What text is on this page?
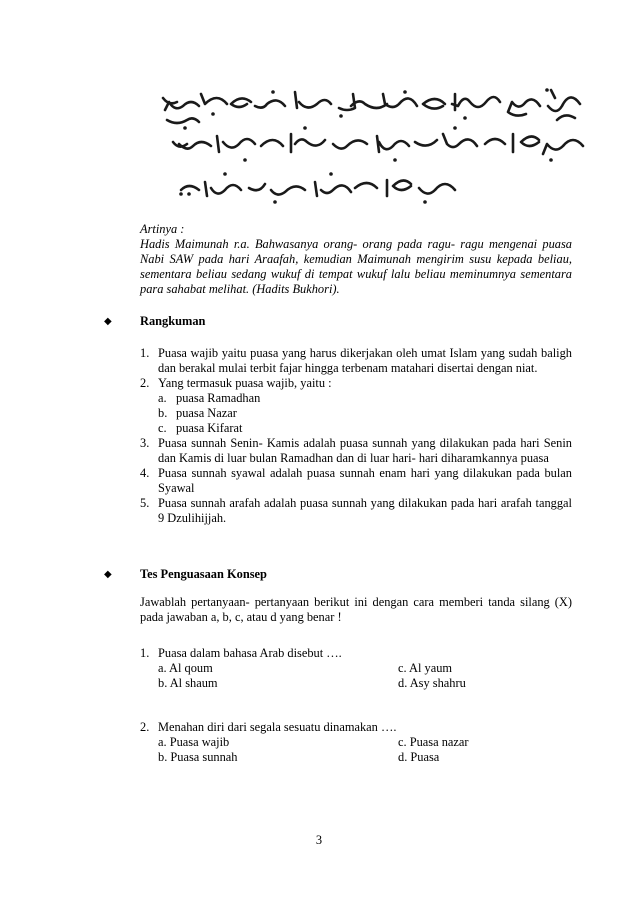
Artinya :

Hadis Maimunah r.a. Bahwasanya orang- orang pada ragu- ragu mengenai puasa Nabi SAW pada hari Araafah, kemudian Maimunah mengirim susu kepada beliau, sementara beliau sedang wukuf di tempat wukuf lalu beliau meminumnya sementara para sahabat melihat. (Hadits Bukhori).

◆ Rangkuman
1. Puasa wajib yaitu puasa yang harus dikerjakan oleh umat Islam yang sudah baligh dan berakal mulai terbit fajar hingga terbenam matahari disertai dengan niat.
2. Yang termasuk puasa wajib, yaitu :
a. puasa Ramadhan
b. puasa Nazar
c. puasa Kifarat
3. Puasa sunnah Senin- Kamis adalah puasa sunnah yang dilakukan pada hari Senin dan Kamis di luar bulan Ramadhan dan di luar hari- hari diharamkannya puasa
4. Puasa sunnah syawal adalah puasa sunnah enam hari yang dilakukan pada bulan Syawal
5. Puasa sunnah arafah adalah puasa sunnah yang dilakukan pada hari arafah tanggal 9 Dzulihijjah.
◆ Tes Penguasaan Konsep
Jawablah pertanyaan- pertanyaan berikut ini dengan cara memberi tanda silang (X) pada jawaban a, b, c, atau d yang benar !
1. Puasa dalam bahasa Arab disebut ….
a. Al qoum
b. Al shaum
c. Al yaum
d. Asy shahru
2. Menahan diri dari segala sesuatu dinamakan ….
a. Puasa wajib
b. Puasa sunnah
c. Puasa nazar
d. Puasa
3
